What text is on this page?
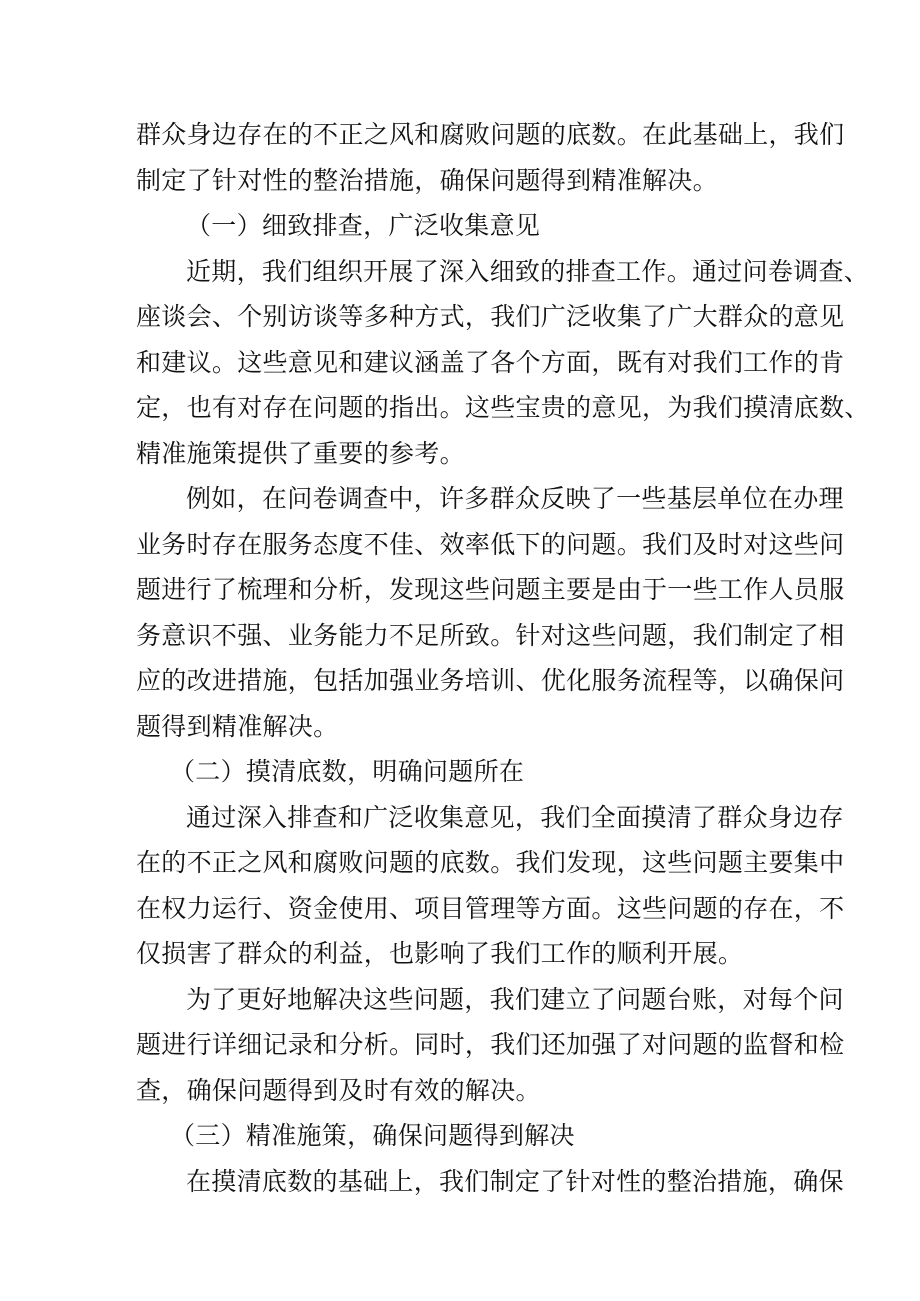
群众身边存在的不正之风和腐败问题的底数。在此基础上，我们

制定了针对性的整治措施，确保问题得到精准解决。

（一）细致排查，广泛收集意见

近期，我们组织开展了深入细致的排查工作。通过问卷调查、

座谈会、个别访谈等多种方式，我们广泛收集了广大群众的意见

和建议。这些意见和建议涵盖了各个方面，既有对我们工作的肯

定，也有对存在问题的指出。这些宝贵的意见，为我们摸清底数、

精准施策提供了重要的参考。

例如，在问卷调查中，许多群众反映了一些基层单位在办理

业务时存在服务态度不佳、效率低下的问题。我们及时对这些问

题进行了梳理和分析，发现这些问题主要是由于一些工作人员服

务意识不强、业务能力不足所致。针对这些问题，我们制定了相

应的改进措施，包括加强业务培训、优化服务流程等，以确保问

题得到精准解决。

（二）摸清底数，明确问题所在

通过深入排查和广泛收集意见，我们全面摸清了群众身边存

在的不正之风和腐败问题的底数。我们发现，这些问题主要集中

在权力运行、资金使用、项目管理等方面。这些问题的存在，不

仅损害了群众的利益，也影响了我们工作的顺利开展。

为了更好地解决这些问题，我们建立了问题台账，对每个问

题进行详细记录和分析。同时，我们还加强了对问题的监督和检

查，确保问题得到及时有效的解决。

（三）精准施策，确保问题得到解决

在摸清底数的基础上，我们制定了针对性的整治措施，确保
